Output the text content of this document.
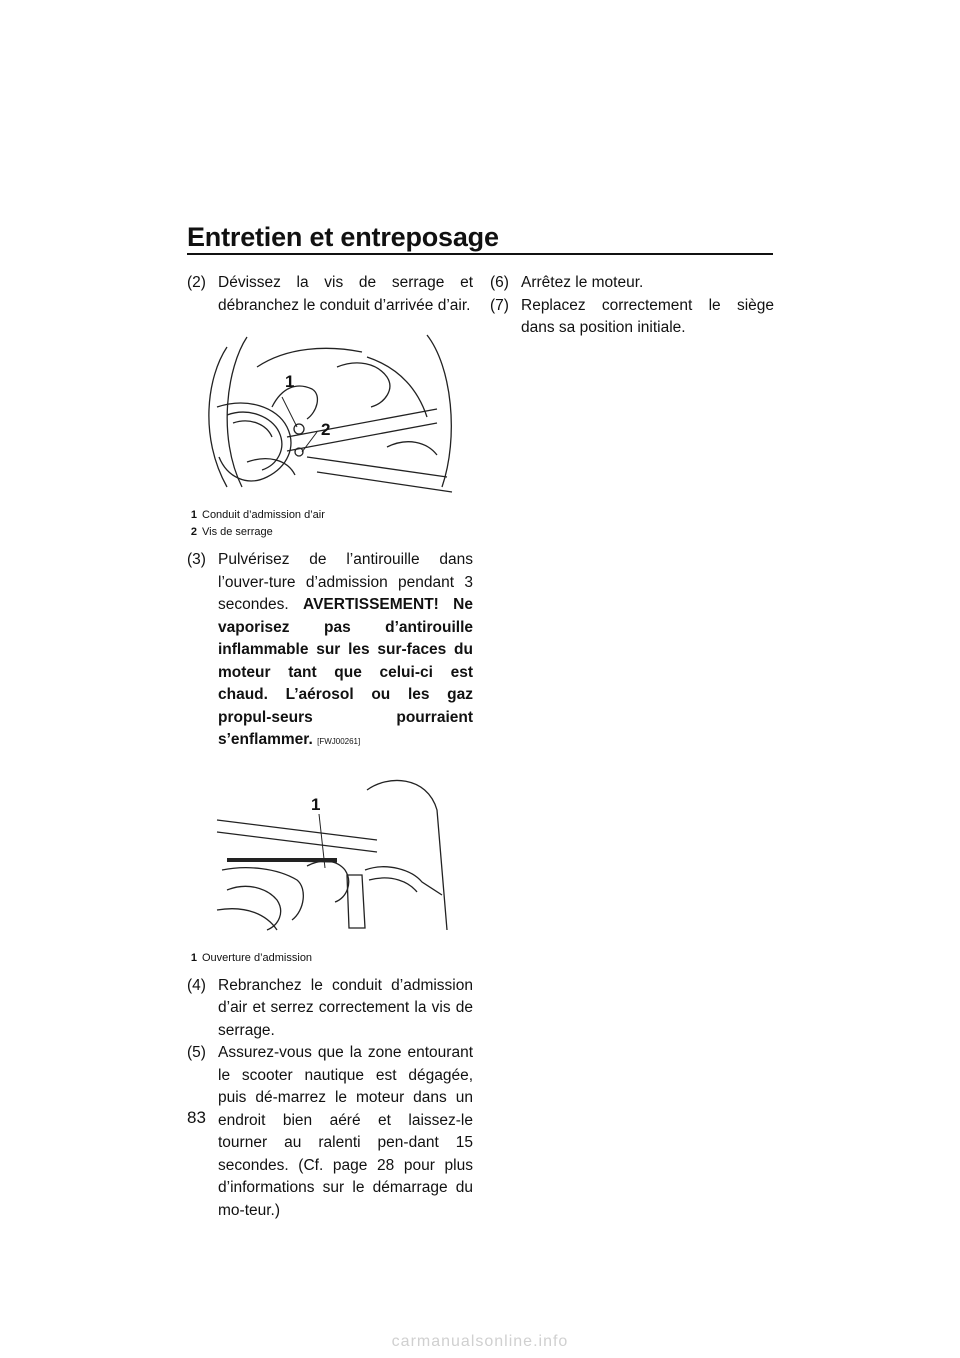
Entretien et entreposage
83

(2) Dévissez la vis de serrage et débranchez le conduit d’arrivée d’air.

1
2

1 Conduit d’admission d’air

2 Vis de serrage

(3) Pulvérisez de l’antirouille dans l’ouver-ture d’admission pendant 3 secondes. AVERTISSEMENT! Ne vaporisez pas d’antirouille inflammable sur les sur-faces du moteur tant que celui-ci est chaud. L’aérosol ou les gaz propul-seurs pourraient s’enflammer. [FWJ00261]

1

1 Ouverture d’admission

(4) Rebranchez le conduit d’admission d’air et serrez correctement la vis de serrage.

(5) Assurez-vous que la zone entourant le scooter nautique est dégagée, puis dé-marrez le moteur dans un endroit bien aéré et laissez-le tourner au ralenti pen-dant 15 secondes. (Cf. page 28 pour plus d’informations sur le démarrage du mo-teur.)

(6) Arrêtez le moteur.

(7) Replacez correctement le siège dans sa position initiale.

carmanualsonline.info
